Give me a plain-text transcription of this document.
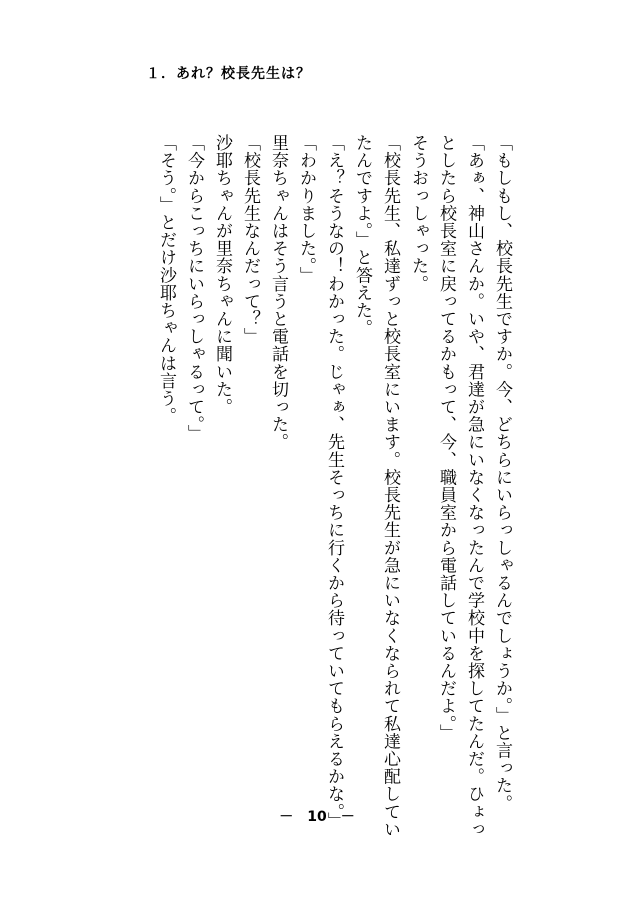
１．あれ？校長先生は？
「もしもし、校長先生ですか。今、どちらにいらっしゃるんでしょうか。」と言った。
「あぁ、神山さんか。いや、君達が急にいなくなったんで学校中を探してたんだ。ひょっ
としたら校長室に戻ってるかもって、今、職員室から電話しているんだよ。」
そうおっしゃった。
「校長先生、私達ずっと校長室にいます。校長先生が急にいなくなられて私達心配してい
たんですよ。」と答えた。
「え？そうなの！わかった。じゃぁ、先生そっちに行くから待っていてもらえるかな。」
「わかりました。」
里奈ちゃんはそう言うと電話を切った。
「校長先生なんだって？」
沙耶ちゃんが里奈ちゃんに聞いた。
「今からこっちにいらっしゃるって。」
「そう。」とだけ沙耶ちゃんは言う。
－　10　－
